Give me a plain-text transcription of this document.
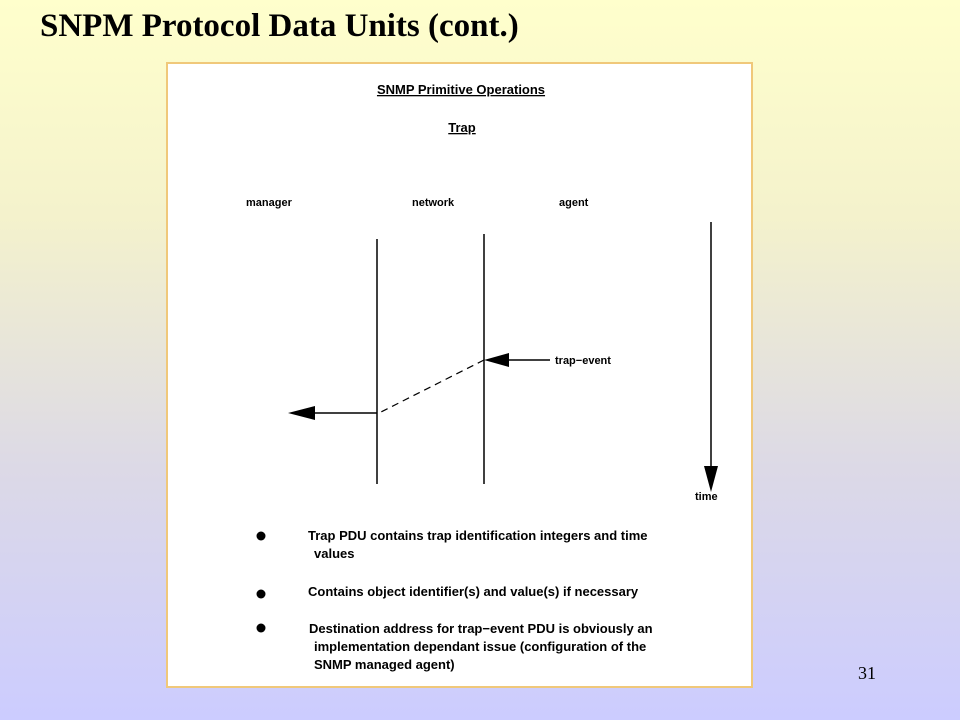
SNPM Protocol Data Units (cont.)
SNMP Primitive Operations
Trap
manager	network	agent
time
trap−event
Trap PDU contains trap identification integers and time
values
Contains object identifier(s) and value(s) if necessary
Destination address for trap−event PDU is obviously an
implementation dependant issue (configuration of the
SNMP managed agent)	31
